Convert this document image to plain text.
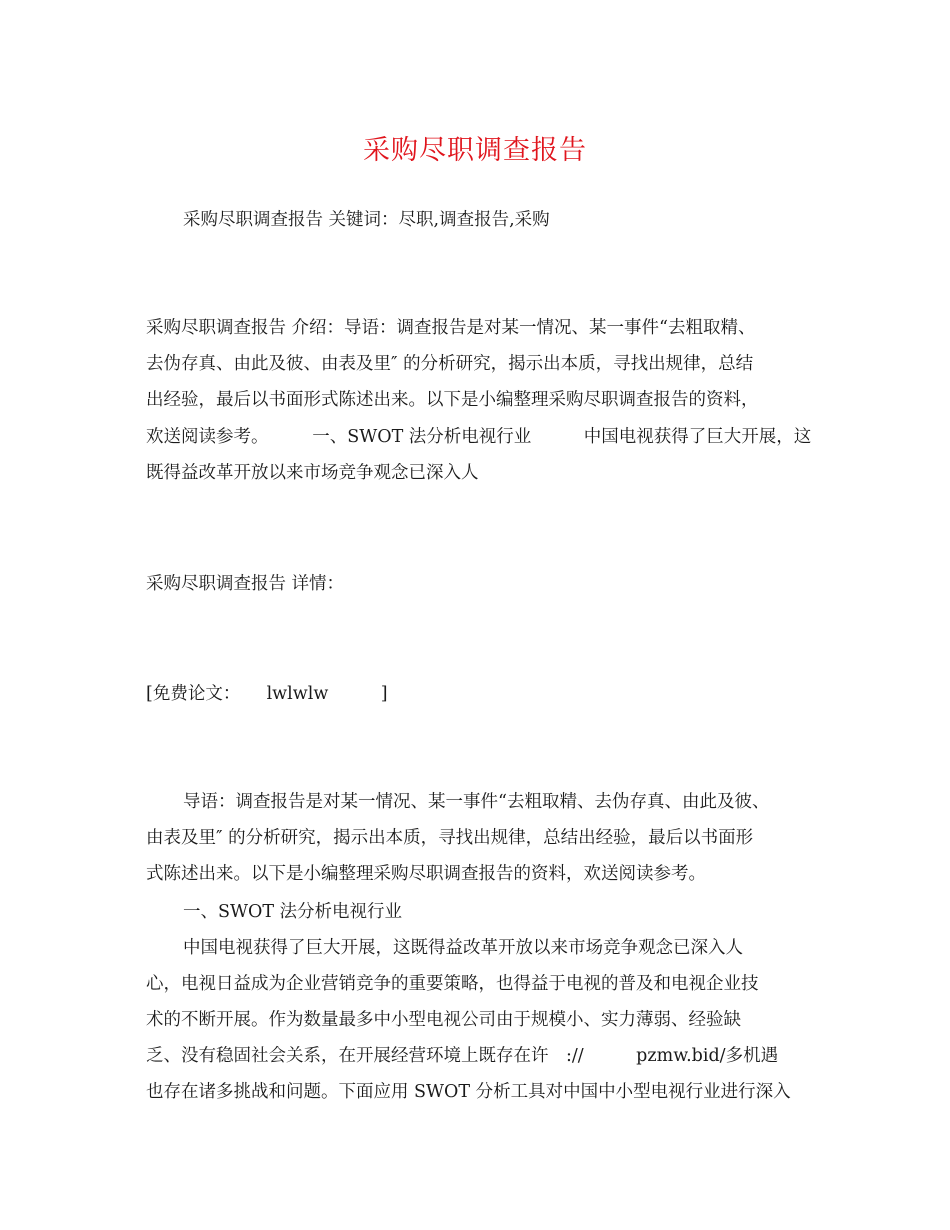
采购尽职调查报告
采购尽职调查报告 关键词：尽职,调查报告,采购
采购尽职调查报告 介绍：导语：调查报告是对某一情况、某一事件“去粗取精、
去伪存真、由此及彼、由表及里″ 的分析研究，揭示出本质，寻找出规律，总结
出经验，最后以书面形式陈述出来。以下是小编整理采购尽职调查报告的资料，
欢送阅读参考。　　　一、SWOT 法分析电视行业　　　中国电视获得了巨大开展，这
既得益改革开放以来市场竞争观念已深入人
采购尽职调查报告 详情：
[免费论文：　　lwlwlw　　　]
导语：调查报告是对某一情况、某一事件“去粗取精、去伪存真、由此及彼、
由表及里″ 的分析研究，揭示出本质，寻找出规律，总结出经验，最后以书面形
式陈述出来。以下是小编整理采购尽职调查报告的资料，欢送阅读参考。
一、SWOT 法分析电视行业
中国电视获得了巨大开展，这既得益改革开放以来市场竞争观念已深入人
心，电视日益成为企业营销竞争的重要策略，也得益于电视的普及和电视企业技
术的不断开展。作为数量最多中小型电视公司由于规模小、实力薄弱、经验缺
乏、没有稳固社会关系，在开展经营环境上既存在许　://　　　pzmw.bid/多机遇
也存在诸多挑战和问题。下面应用 SWOT 分析工具对中国中小型电视行业进行深入
